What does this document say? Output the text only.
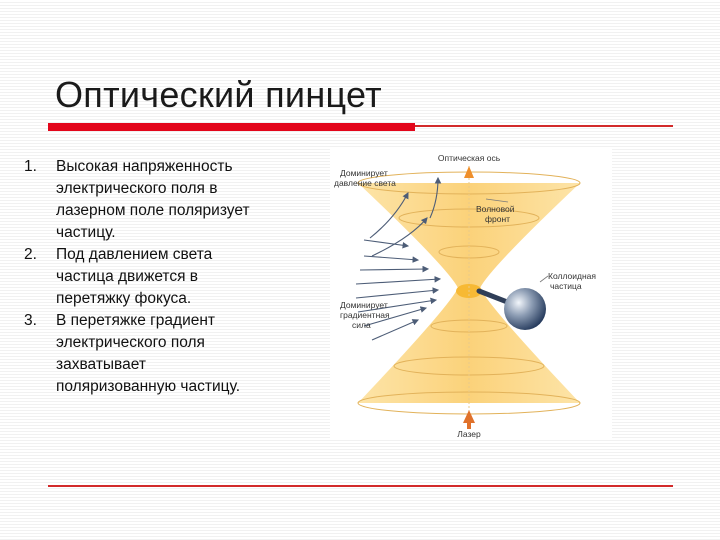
Оптический пинцет
1. Высокая напряженность
электрического поля в
лазерном поле поляризует
частицу.
2. Под давлением света
частица движется в
перетяжку фокуса.
3. В перетяжке градиент
электрического поля
захватывает
поляризованную частицу.
Оптическая ось
Доминирует
давление света
Волновой
фронт
Коллоидная
частица
Доминирует
градиентная
сила
Лазер
